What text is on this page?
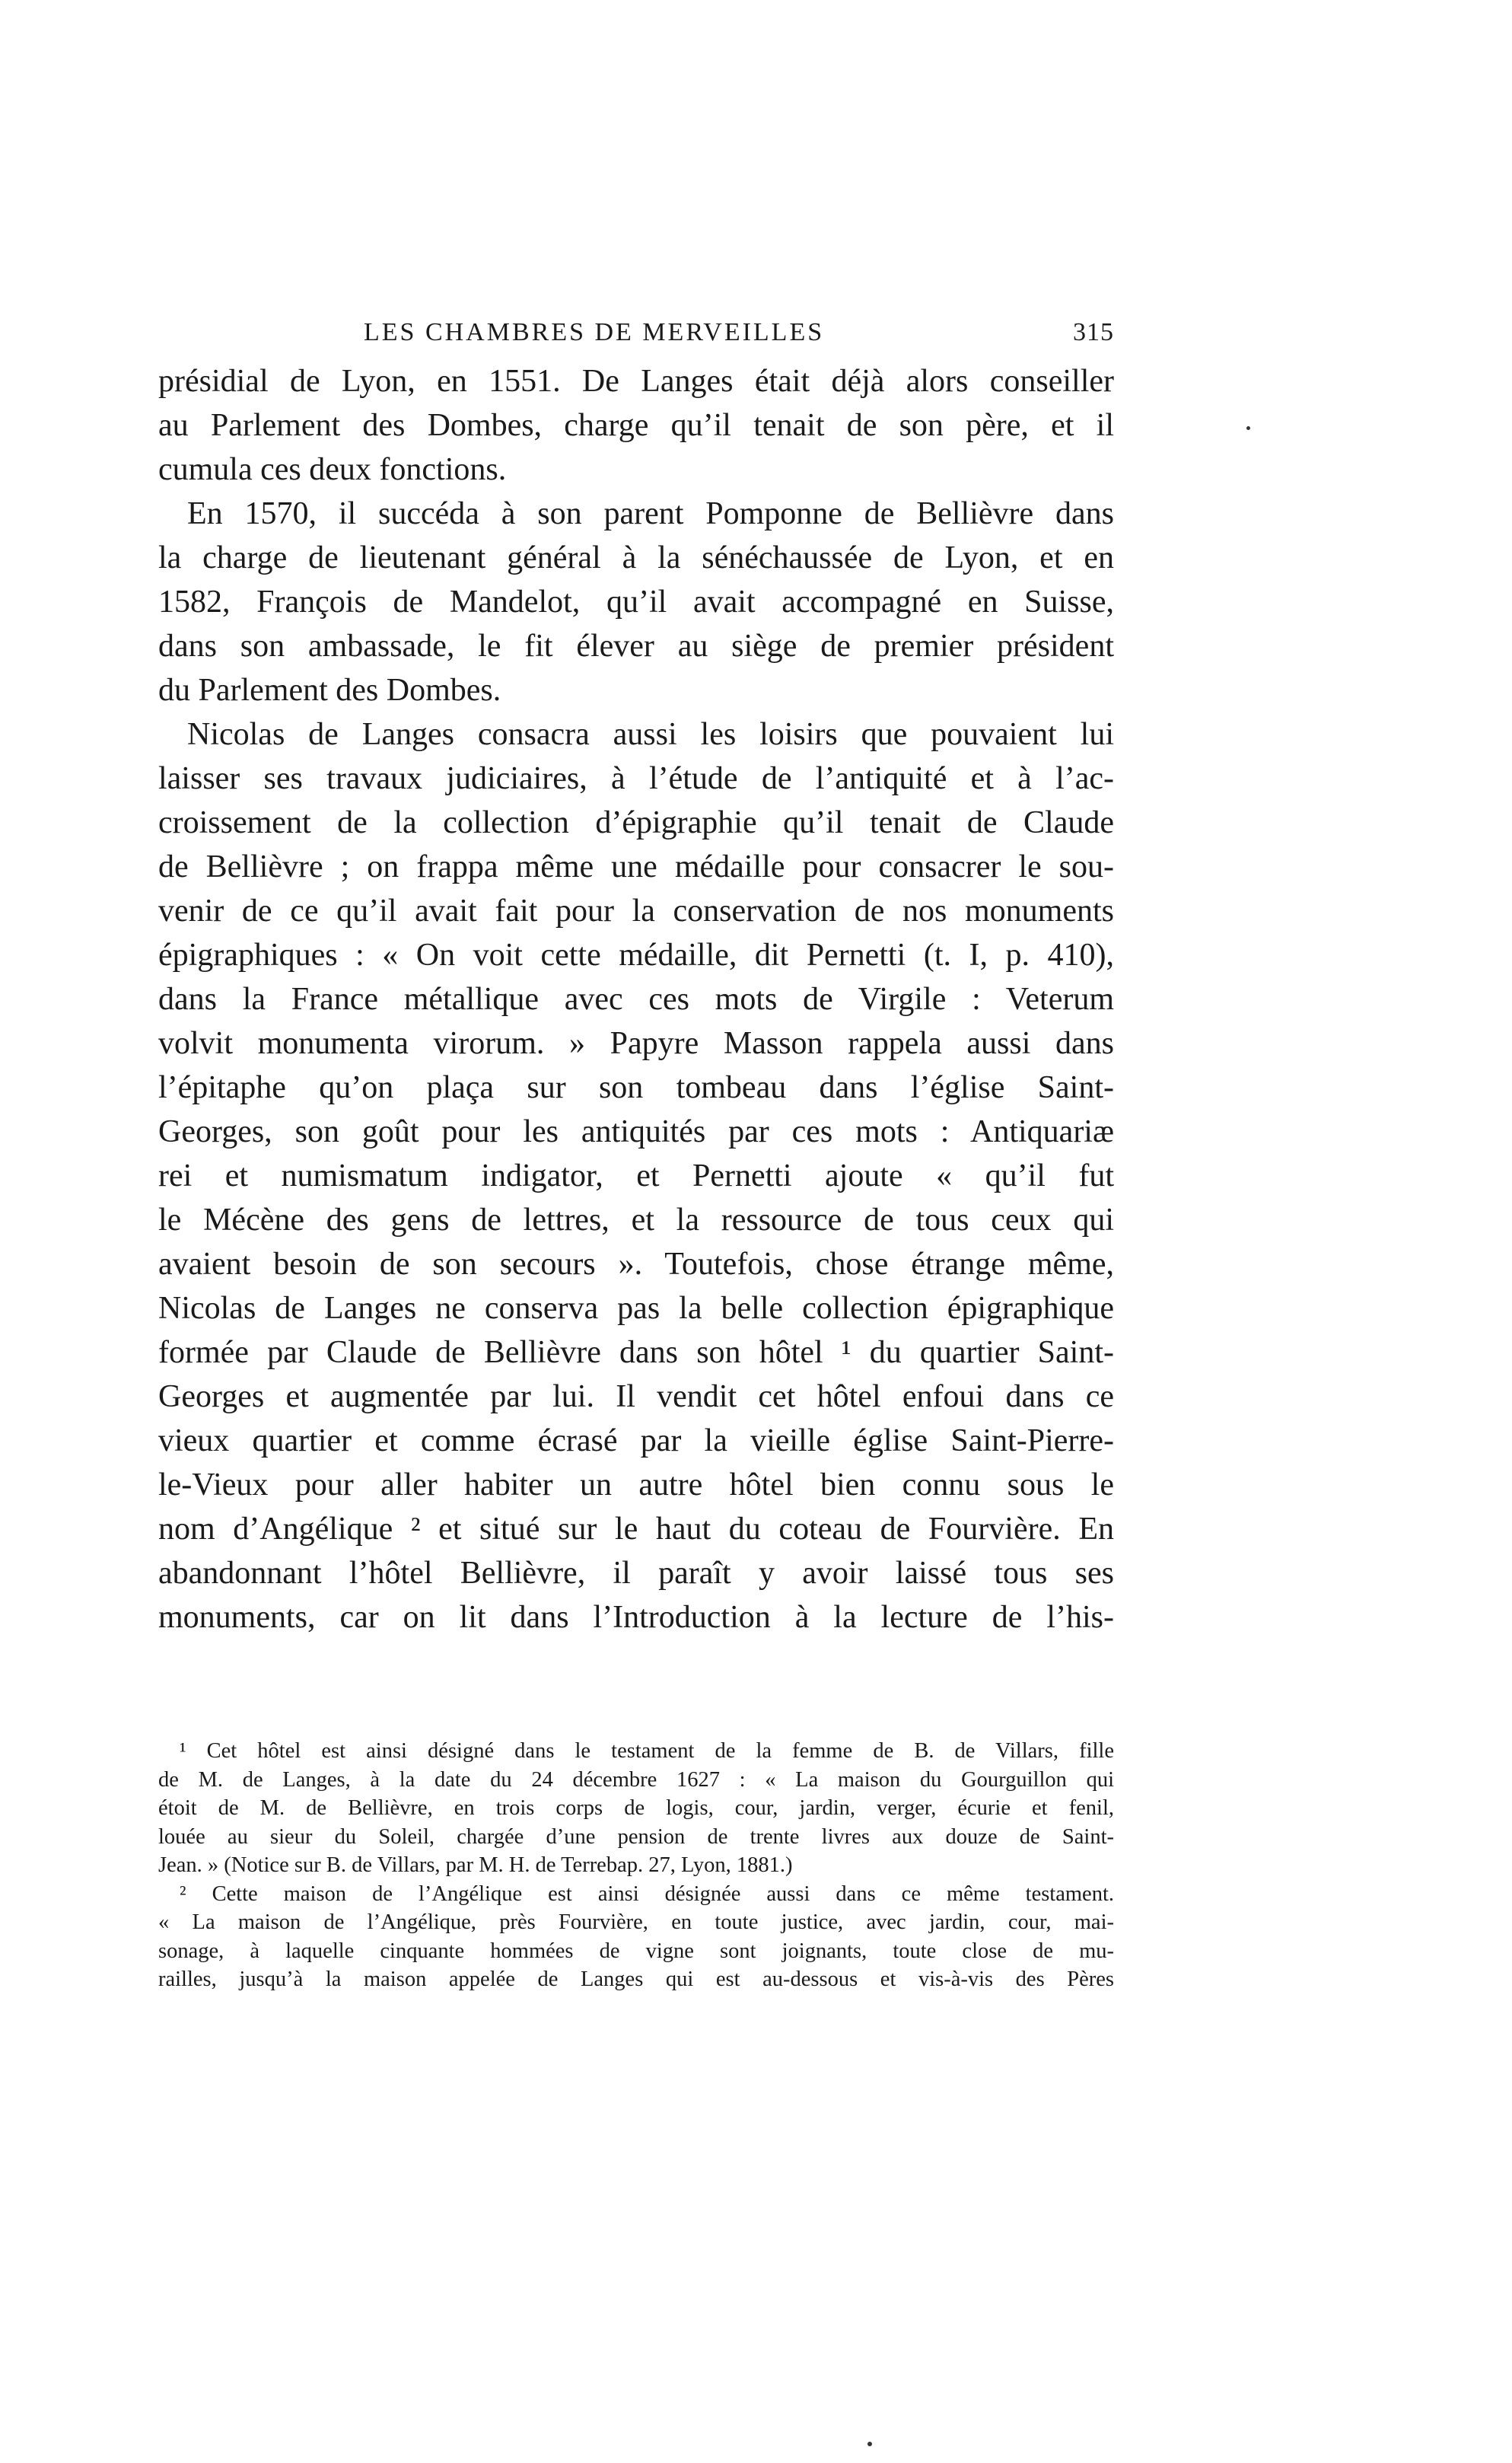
LES CHAMBRES DE MERVEILLES	315
présidial de Lyon, en 1551. De Langes était déjà alors conseiller
au Parlement des Dombes, charge qu’il tenait de son père, et il
cumula ces deux fonctions.
En 1570, il succéda à son parent Pomponne de Bellièvre dans
la charge de lieutenant général à la sénéchaussée de Lyon, et en
1582, François de Mandelot, qu’il avait accompagné en Suisse,
dans son ambassade, le fit élever au siège de premier président
du Parlement des Dombes.
Nicolas de Langes consacra aussi les loisirs que pouvaient lui
laisser ses travaux judiciaires, à l’étude de l’antiquité et à l’ac-
croissement de la collection d’épigraphie qu’il tenait de Claude
de Bellièvre ; on frappa même une médaille pour consacrer le sou-
venir de ce qu’il avait fait pour la conservation de nos monuments
épigraphiques : « On voit cette médaille, dit Pernetti (t. I, p. 410),
dans la France métallique avec ces mots de Virgile : Veterum
volvit monumenta virorum. » Papyre Masson rappela aussi dans
l’épitaphe qu’on plaça sur son tombeau dans l’église Saint-
Georges, son goût pour les antiquités par ces mots : Antiquariæ
rei et numismatum indigator, et Pernetti ajoute « qu’il fut
le Mécène des gens de lettres, et la ressource de tous ceux qui
avaient besoin de son secours ». Toutefois, chose étrange même,
Nicolas de Langes ne conserva pas la belle collection épigraphique
formée par Claude de Bellièvre dans son hôtel ¹ du quartier Saint-
Georges et augmentée par lui. Il vendit cet hôtel enfoui dans ce
vieux quartier et comme écrasé par la vieille église Saint-Pierre-
le-Vieux pour aller habiter un autre hôtel bien connu sous le
nom d’Angélique ² et situé sur le haut du coteau de Fourvière. En
abandonnant l’hôtel Bellièvre, il paraît y avoir laissé tous ses
monuments, car on lit dans l’Introduction à la lecture de l’his-
¹ Cet hôtel est ainsi désigné dans le testament de la femme de B. de Villars, fille
de M. de Langes, à la date du 24 décembre 1627 : « La maison du Gourguillon qui
étoit de M. de Bellièvre, en trois corps de logis, cour, jardin, verger, écurie et fenil,
louée au sieur du Soleil, chargée d’une pension de trente livres aux douze de Saint-
Jean. » (Notice sur B. de Villars, par M. H. de Terrebap. 27, Lyon, 1881.)
² Cette maison de l’Angélique est ainsi désignée aussi dans ce même testament.
« La maison de l’Angélique, près Fourvière, en toute justice, avec jardin, cour, mai-
sonage, à laquelle cinquante hommées de vigne sont joignants, toute close de mu-
railles, jusqu’à la maison appelée de Langes qui est au-dessous et vis-à-vis des Pères
